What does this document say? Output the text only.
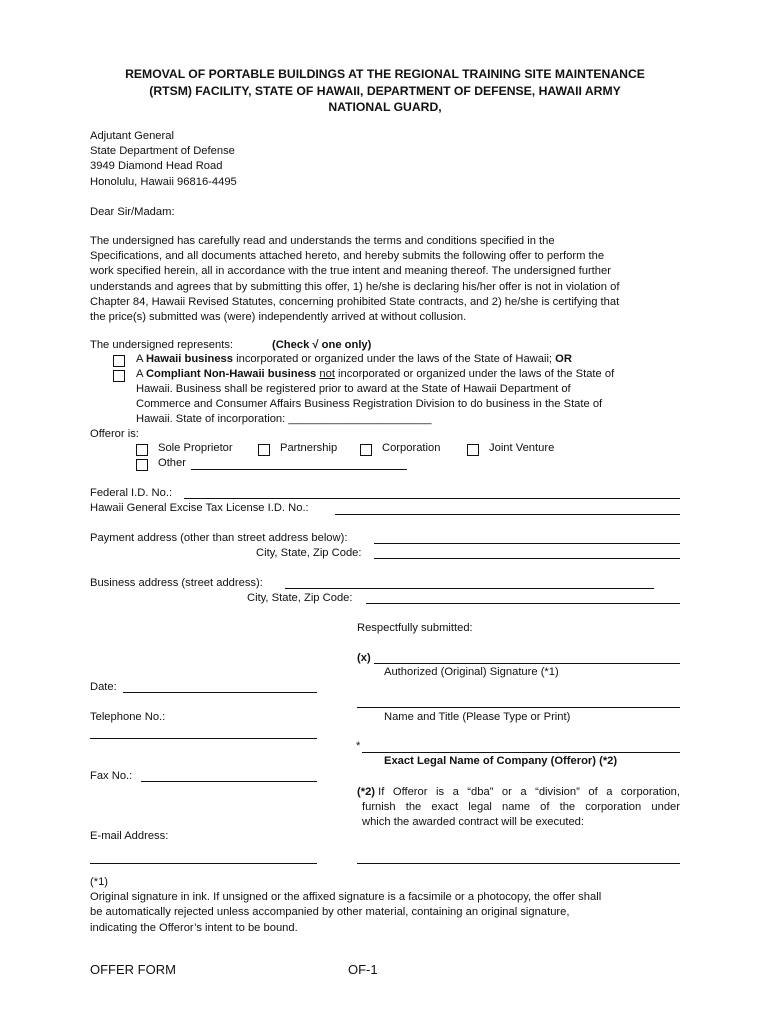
REMOVAL OF PORTABLE BUILDINGS AT THE REGIONAL TRAINING SITE MAINTENANCE
(RTSM) FACILITY, STATE OF HAWAII, DEPARTMENT OF DEFENSE, HAWAII ARMY
NATIONAL GUARD,
Adjutant General
State Department of Defense
3949 Diamond Head Road
Honolulu, Hawaii 96816-4495
Dear Sir/Madam:
The undersigned has carefully read and understands the terms and conditions specified in the
Specifications, and all documents attached hereto, and hereby submits the following offer to perform the
work specified herein, all in accordance with the true intent and meaning thereof. The undersigned further
understands and agrees that by submitting this offer, 1) he/she is declaring his/her offer is not in violation of
Chapter 84, Hawaii Revised Statutes, concerning prohibited State contracts, and 2) he/she is certifying that
the price(s) submitted was (were) independently arrived at without collusion.
The undersigned represents:	(Check √ one only)
A Hawaii business incorporated or organized under the laws of the State of Hawaii; OR
A Compliant Non-Hawaii business not incorporated or organized under the laws of the State of
Hawaii. Business shall be registered prior to award at the State of Hawaii Department of
Commerce and Consumer Affairs Business Registration Division to do business in the State of
Hawaii. State of incorporation: _______________________
Offeror is:
Sole Proprietor	Partnership	Corporation	Joint Venture
Other
Federal I.D. No.:
Hawaii General Excise Tax License I.D. No.:
Payment address (other than street address below):
City, State, Zip Code:
Business address (street address):
City, State, Zip Code:
Respectfully submitted:
(x)
Authorized (Original) Signature (*1)
Name and Title (Please Type or Print)
*
Exact Legal Name of Company (Offeror) (*2)
(*2)
If Offeror is a “dba” or a “division” of a corporation,
furnish the exact legal name of the corporation under
which the awarded contract will be executed:
Date:
Telephone No.:
Fax No.:
E-mail Address:
(*1)
Original signature in ink. If unsigned or the affixed signature is a facsimile or a photocopy, the offer shall
be automatically rejected unless accompanied by other material, containing an original signature,
indicating the Offeror’s intent to be bound.
OFFER FORM	OF-1
